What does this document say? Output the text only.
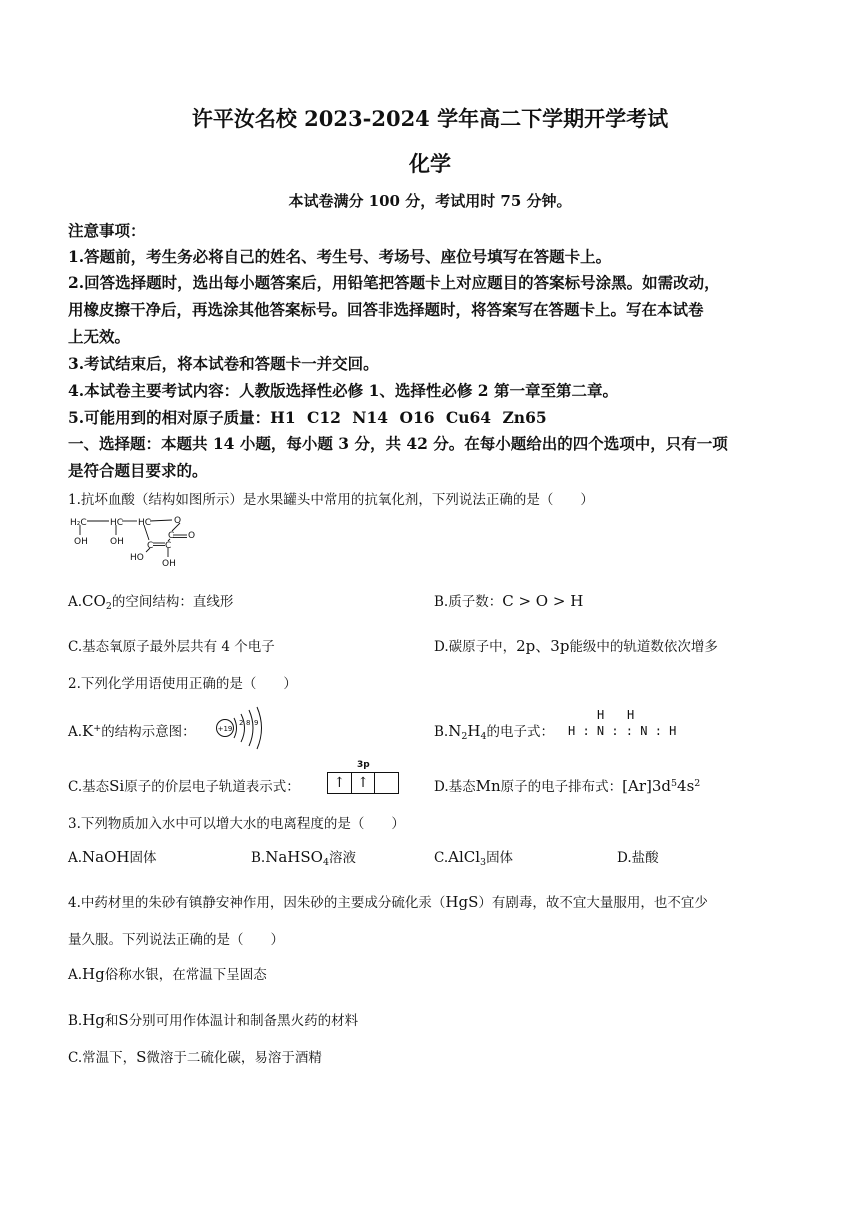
许平汝名校 2023-2024 学年高二下学期开学考试
化学
本试卷满分 100 分，考试用时 75 分钟。
注意事项：
1.答题前，考生务必将自己的姓名、考生号、考场号、座位号填写在答题卡上。
2.回答选择题时，选出每小题答案后，用铅笔把答题卡上对应题目的答案标号涂黑。如需改动，
用橡皮擦干净后，再选涂其他答案标号。回答非选择题时，将答案写在答题卡上。写在本试卷
上无效。
3.考试结束后，将本试卷和答题卡一并交回。
4.本试卷主要考试内容：人教版选择性必修 1、选择性必修 2 第一章至第二章。
5.可能用到的相对原子质量：H1 C12 N14 O16 Cu64 Zn65
一、选择题：本题共 14 小题，每小题 3 分，共 42 分。在每小题给出的四个选项中，只有一项
是符合题目要求的。
1.抗坏血酸（结构如图所示）是水果罐头中常用的抗氧化剂，下列说法正确的是（　　）
H₂C	HC HC	O
C O
C C
OH OH
HO
OH
$A.CO_2$的空间结构：直线形	B.质子数：C > O > H
C.基态氧原子最外层共有 4 个电子	D.碳原子中，2p、3p能级中的轨道数依次增多
2.下列化学用语使用正确的是（　　）
A.K+的结构示意图：	+19
2 8 9
$B.N_2H_4$的电子式：
H H
H : N : : N : H
C.基态Si原子的价层电子轨道表示式：
3p
↑ ↑	D.基态Mn原子的电子排布式：$[Ar]3d^54s^2$
3.下列物质加入水中可以增大水的电离程度的是（　　）
A.NaOH固体	B.NaHSO$_4$溶液	C.AlCl$_3$固体	D.盐酸
4.中药材里的朱砂有镇静安神作用，因朱砂的主要成分硫化汞（HgS）有剧毒，故不宜大量服用，也不宜少
量久服。下列说法正确的是（　　）
A.Hg俗称水银，在常温下呈固态
B.Hg和S分别可用作体温计和制备黑火药的材料
C.常温下，S微溶于二硫化碳，易溶于酒精
